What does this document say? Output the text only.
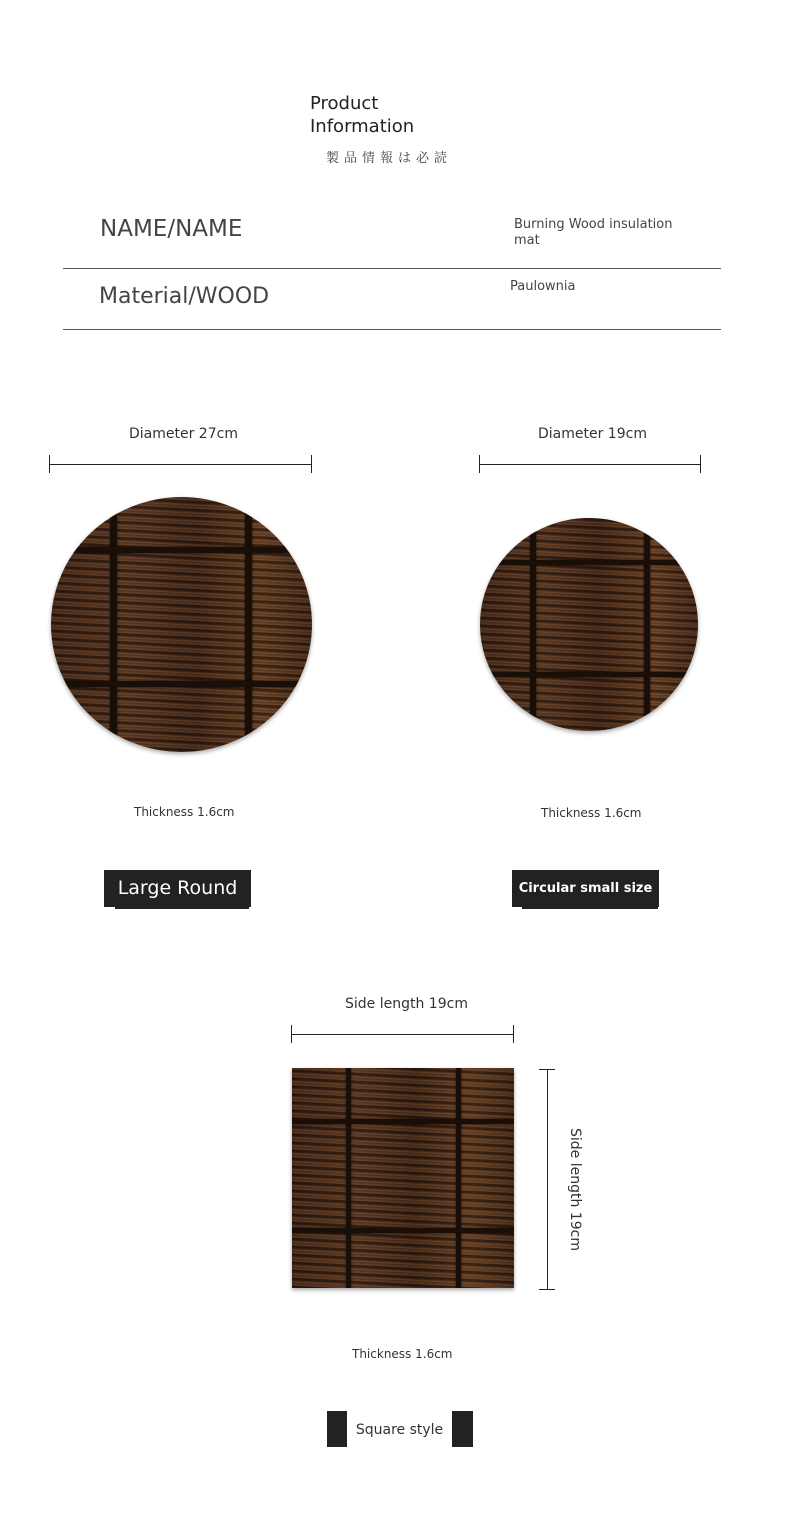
Product Information
製品情報は必読
NAME/NAME	Burning Wood insulation mat
Material/WOOD	Paulownia
Diameter 27cm
Thickness 1.6cm
Large Round
Diameter 19cm
Thickness 1.6cm
Circular small size
Side length 19cm
Side length 19cm
Thickness 1.6cm
Square style
